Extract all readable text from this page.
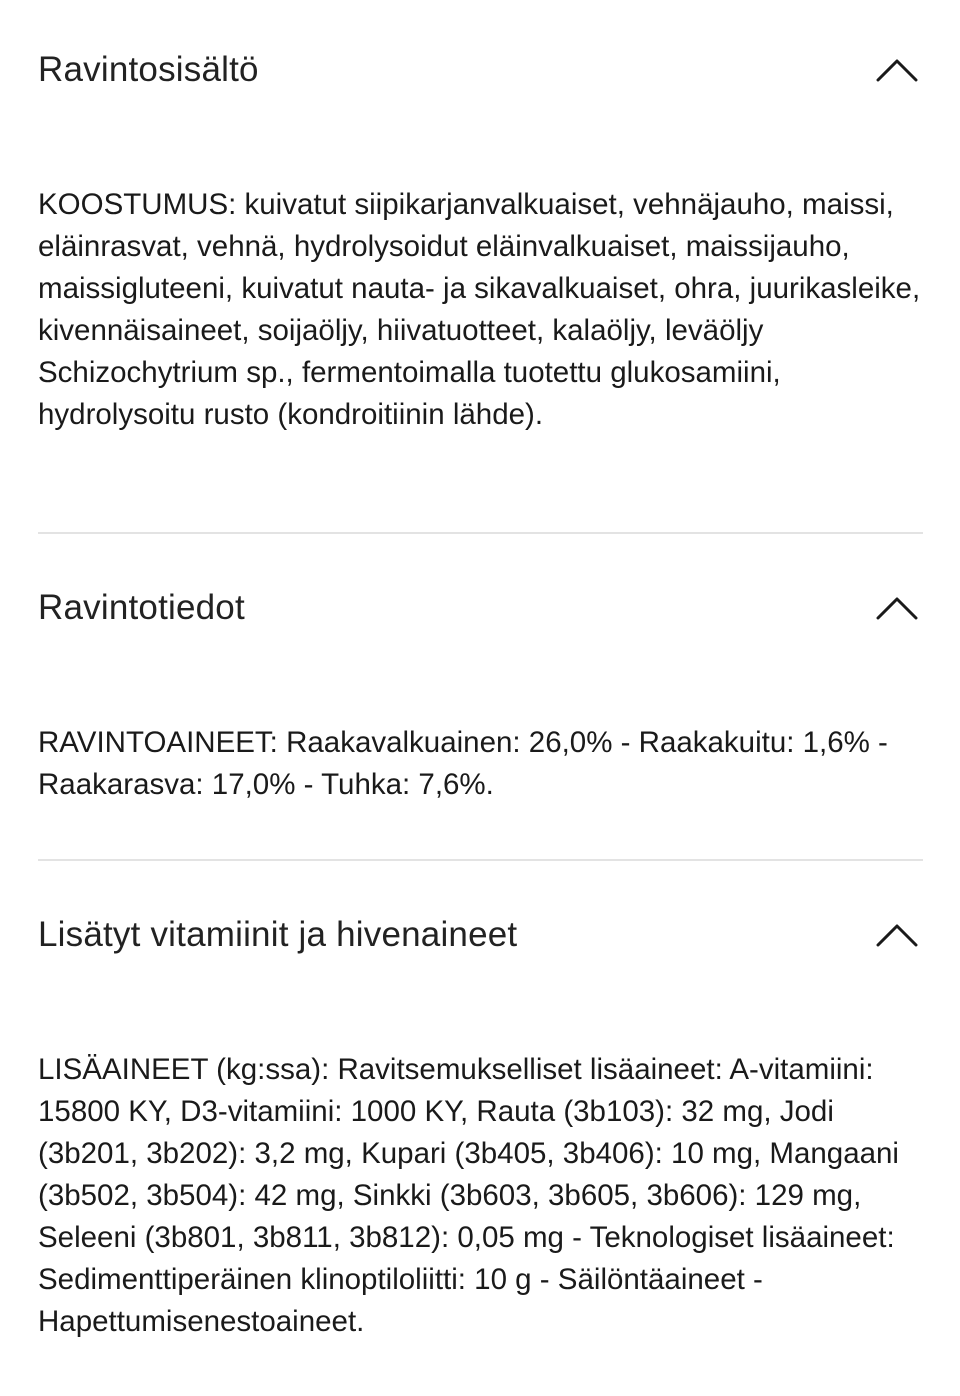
Ravintosisältö
KOOSTUMUS: kuivatut siipikarjanvalkuaiset, vehnäjauho, maissi, eläinrasvat, vehnä, hydrolysoidut eläinvalkuaiset, maissijauho, maissigluteeni, kuivatut nauta- ja sikavalkuaiset, ohra, juurikasleike, kivennäisaineet, soijaöljy, hiivatuotteet, kalaöljy, leväöljy Schizochytrium sp., fermentoimalla tuotettu glukosamiini, hydrolysoitu rusto (kondroitiinin lähde).
Ravintotiedot
RAVINTOAINEET: Raakavalkuainen: 26,0% - Raakakuitu: 1,6% - Raakarasva: 17,0% - Tuhka: 7,6%.
Lisätyt vitamiinit ja hivenaineet
LISÄAINEET (kg:ssa): Ravitsemukselliset lisäaineet: A-vitamiini: 15800 KY, D3-vitamiini: 1000 KY, Rauta (3b103): 32 mg, Jodi (3b201, 3b202): 3,2 mg, Kupari (3b405, 3b406): 10 mg, Mangaani (3b502, 3b504): 42 mg, Sinkki (3b603, 3b605, 3b606): 129 mg, Seleeni (3b801, 3b811, 3b812): 0,05 mg - Teknologiset lisäaineet: Sedimenttiperäinen klinoptiloliitti: 10 g - Säilöntäaineet - Hapettumisenestoaineet.
